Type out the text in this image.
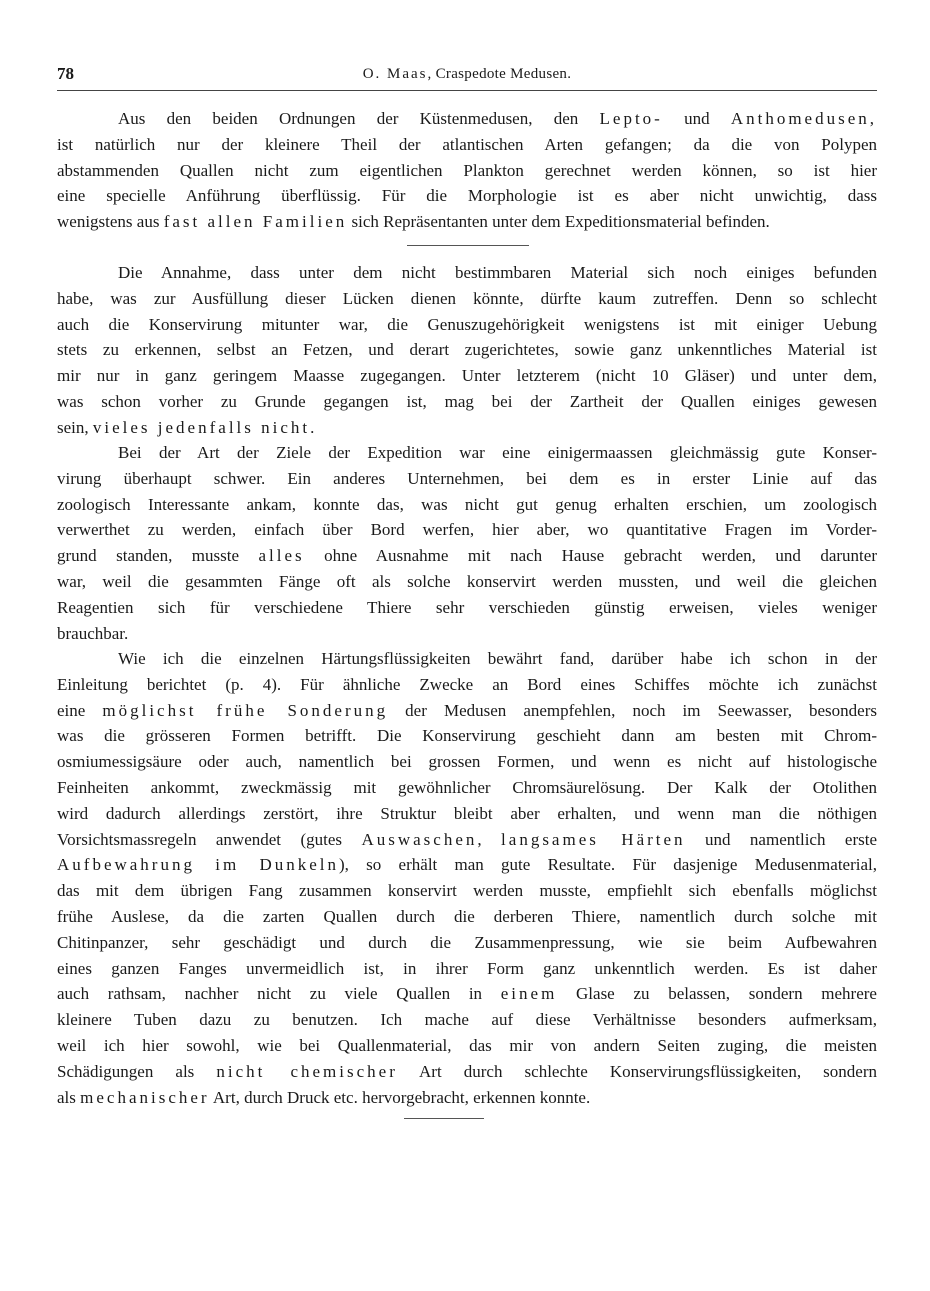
78	O. Maas, Craspedote Medusen.
Aus den beiden Ordnungen der Küstenmedusen, den Lepto- und Anthomedusen,
ist natürlich nur der kleinere Theil der atlantischen Arten gefangen; da die von Polypen
abstammenden Quallen nicht zum eigentlichen Plankton gerechnet werden können, so ist hier
eine specielle Anführung überflüssig. Für die Morphologie ist es aber nicht unwichtig, dass
wenigstens aus fast allen Familien sich Repräsentanten unter dem Expeditionsmaterial befinden.
Die Annahme, dass unter dem nicht bestimmbaren Material sich noch einiges befunden
habe, was zur Ausfüllung dieser Lücken dienen könnte, dürfte kaum zutreffen. Denn so schlecht
auch die Konservirung mitunter war, die Genuszugehörigkeit wenigstens ist mit einiger Uebung
stets zu erkennen, selbst an Fetzen, und derart zugerichtetes, sowie ganz unkenntliches Material ist
mir nur in ganz geringem Maasse zugegangen. Unter letzterem (nicht 10 Gläser) und unter dem,
was schon vorher zu Grunde gegangen ist, mag bei der Zartheit der Quallen einiges gewesen
sein, vieles jedenfalls nicht.
Bei der Art der Ziele der Expedition war eine einigermaassen gleichmässig gute Konser-
virung überhaupt schwer. Ein anderes Unternehmen, bei dem es in erster Linie auf das
zoologisch Interessante ankam, konnte das, was nicht gut genug erhalten erschien, um zoologisch
verwerthet zu werden, einfach über Bord werfen, hier aber, wo quantitative Fragen im Vorder-
grund standen, musste alles ohne Ausnahme mit nach Hause gebracht werden, und darunter
war, weil die gesammten Fänge oft als solche konservirt werden mussten, und weil die gleichen
Reagentien sich für verschiedene Thiere sehr verschieden günstig erweisen, vieles weniger
brauchbar.
Wie ich die einzelnen Härtungsflüssigkeiten bewährt fand, darüber habe ich schon in der
Einleitung berichtet (p. 4). Für ähnliche Zwecke an Bord eines Schiffes möchte ich zunächst
eine möglichst frühe Sonderung der Medusen anempfehlen, noch im Seewasser, besonders
was die grösseren Formen betrifft. Die Konservirung geschieht dann am besten mit Chrom-
osmiumessigsäure oder auch, namentlich bei grossen Formen, und wenn es nicht auf histologische
Feinheiten ankommt, zweckmässig mit gewöhnlicher Chromsäurelösung. Der Kalk der Otolithen
wird dadurch allerdings zerstört, ihre Struktur bleibt aber erhalten, und wenn man die nöthigen
Vorsichtsmassregeln anwendet (gutes Auswaschen, langsames Härten und namentlich erste
Aufbewahrung im Dunkeln), so erhält man gute Resultate. Für dasjenige Medusenmaterial,
das mit dem übrigen Fang zusammen konservirt werden musste, empfiehlt sich ebenfalls möglichst
frühe Auslese, da die zarten Quallen durch die derberen Thiere, namentlich durch solche mit
Chitinpanzer, sehr geschädigt und durch die Zusammenpressung, wie sie beim Aufbewahren
eines ganzen Fanges unvermeidlich ist, in ihrer Form ganz unkenntlich werden. Es ist daher
auch rathsam, nachher nicht zu viele Quallen in einem Glase zu belassen, sondern mehrere
kleinere Tuben dazu zu benutzen. Ich mache auf diese Verhältnisse besonders aufmerksam,
weil ich hier sowohl, wie bei Quallenmaterial, das mir von andern Seiten zuging, die meisten
Schädigungen als nicht chemischer Art durch schlechte Konservirungsflüssigkeiten, sondern
als mechanischer Art, durch Druck etc. hervorgebracht, erkennen konnte.
